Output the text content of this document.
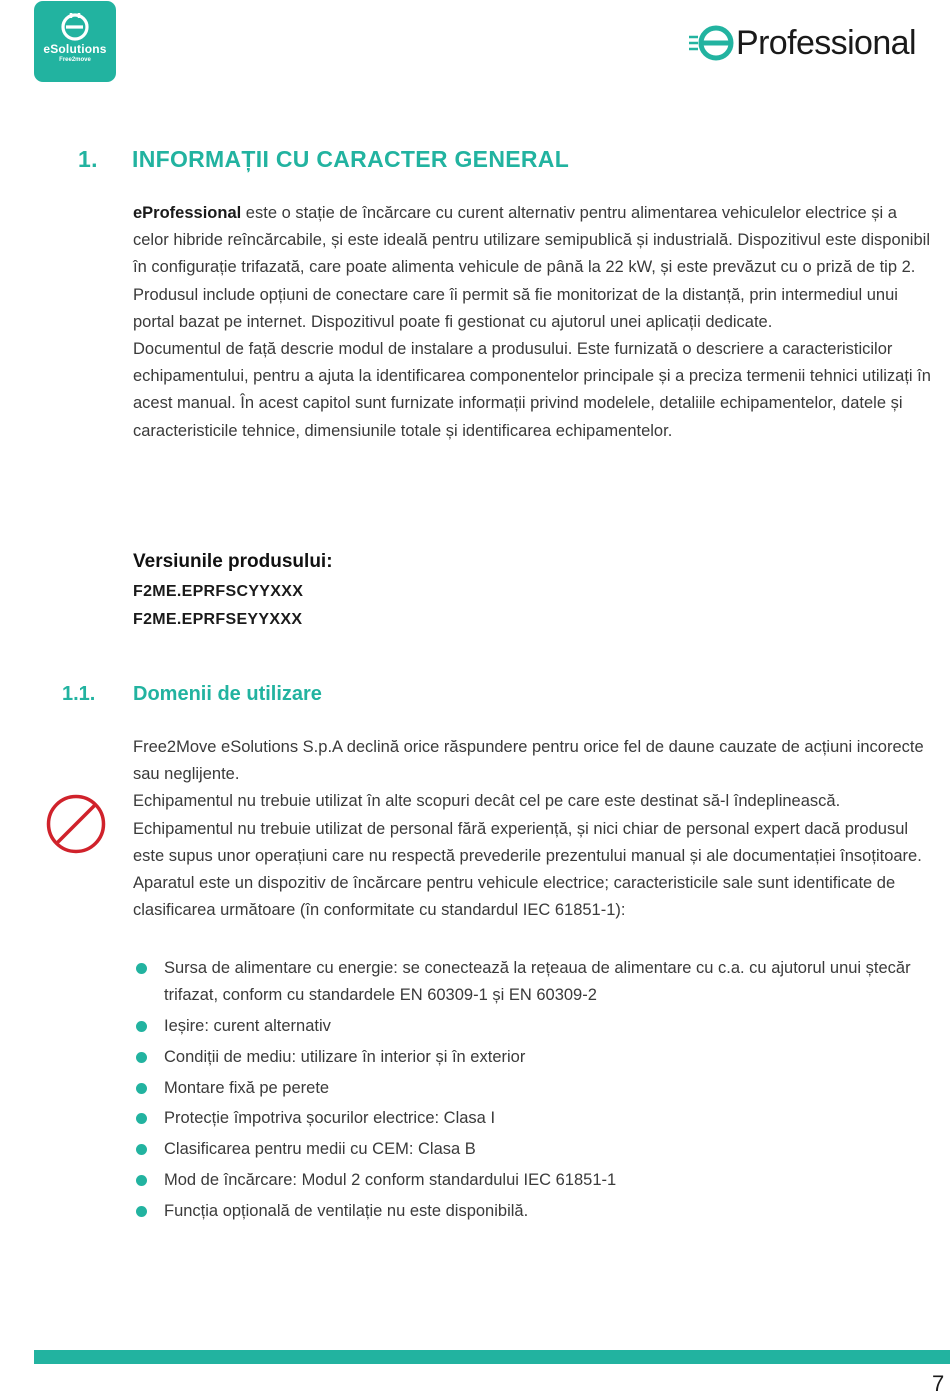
eSolutions
Free2move	Professional
1. INFORMAȚII CU CARACTER GENERAL

eProfessional este o stație de încărcare cu curent alternativ pentru alimentarea vehiculelor electrice și a celor hibride reîncărcabile, și este ideală pentru utilizare semipublică și industrială. Dispozitivul este disponibil în configurație trifazată, care poate alimenta vehicule de până la 22 kW, și este prevăzut cu o priză de tip 2.

Produsul include opțiuni de conectare care îi permit să fie monitorizat de la distanță, prin intermediul unui portal bazat pe internet. Dispozitivul poate fi gestionat cu ajutorul unei aplicații dedicate.

Documentul de față descrie modul de instalare a produsului. Este furnizată o descriere a caracteristicilor echipamentului, pentru a ajuta la identificarea componentelor principale și a preciza termenii tehnici utilizați în acest manual. În acest capitol sunt furnizate informații privind modelele, detaliile echipamentelor, datele și caracteristicile tehnice, dimensiunile totale și identificarea echipamentelor.

Versiunile produsului:
F2ME.EPRFSCYYXXX
F2ME.EPRFSEYYXXX
1.1. Domenii de utilizare

Free2Move eSolutions S.p.A declină orice răspundere pentru orice fel de daune cauzate de acțiuni incorecte sau neglijente.

Echipamentul nu trebuie utilizat în alte scopuri decât cel pe care este destinat să-l îndeplinească.

Echipamentul nu trebuie utilizat de personal fără experiență, și nici chiar de personal expert dacă produsul este supus unor operațiuni care nu respectă prevederile prezentului manual și ale documentației însoțitoare.

Aparatul este un dispozitiv de încărcare pentru vehicule electrice; caracteristicile sale sunt identificate de clasificarea următoare (în conformitate cu standardul IEC 61851-1):

Sursa de alimentare cu energie: se conectează la rețeaua de alimentare cu c.a. cu ajutorul unui ștecăr trifazat, conform cu standardele EN 60309-1 și EN 60309-2
Ieșire: curent alternativ
Condiții de mediu: utilizare în interior și în exterior
Montare fixă pe perete
Protecție împotriva șocurilor electrice: Clasa I
Clasificarea pentru medii cu CEM: Clasa B
Mod de încărcare: Modul 2 conform standardului IEC 61851-1
Funcția opțională de ventilație nu este disponibilă.
7
